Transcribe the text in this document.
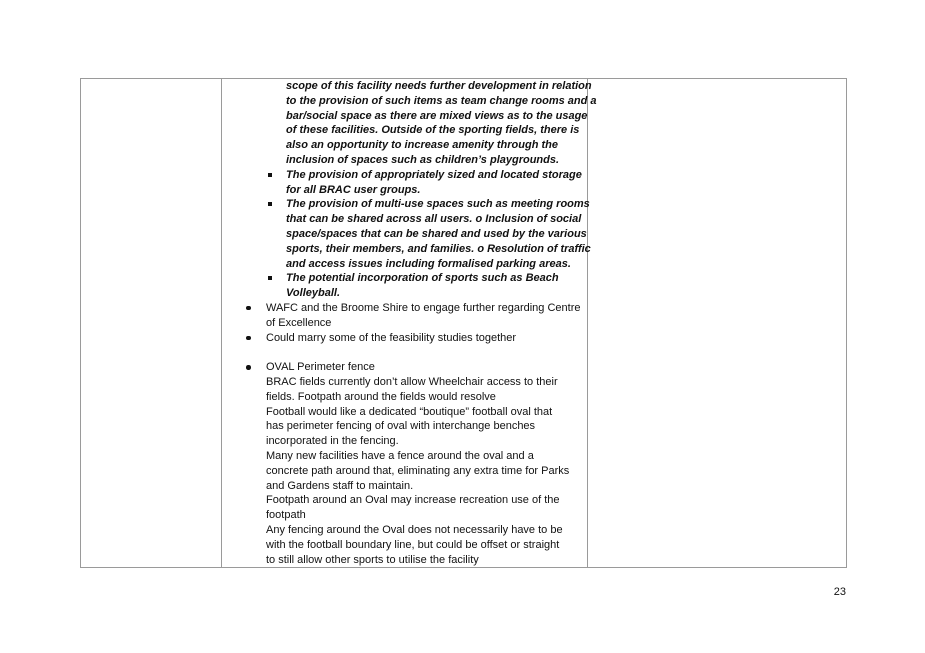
scope of this facility needs further development in relation
to the provision of such items as team change rooms and a
bar/social space as there are mixed views as to the usage
of these facilities. Outside of the sporting fields, there is
also an opportunity to increase amenity through the
inclusion of spaces such as children’s playgrounds.
The provision of appropriately sized and located storage
for all BRAC user groups.
The provision of multi-use spaces such as meeting rooms
that can be shared across all users. o Inclusion of social
space/spaces that can be shared and used by the various
sports, their members, and families. o Resolution of traffic
and access issues including formalised parking areas.
The potential incorporation of sports such as Beach
Volleyball.
WAFC and the Broome Shire to engage further regarding Centre
of Excellence
Could marry some of the feasibility studies together
OVAL Perimeter fence
BRAC fields currently don’t allow Wheelchair access to their
fields. Footpath around the fields would resolve
Football would like a dedicated “boutique” football oval that
has perimeter fencing of oval with interchange benches
incorporated in the fencing.
Many new facilities have a fence around the oval and a
concrete path around that, eliminating any extra time for Parks
and Gardens staff to maintain.
Footpath around an Oval may increase recreation use of the
footpath
Any fencing around the Oval does not necessarily have to be
with the football boundary line, but could be offset or straight
to still allow other sports to utilise the facility
23
